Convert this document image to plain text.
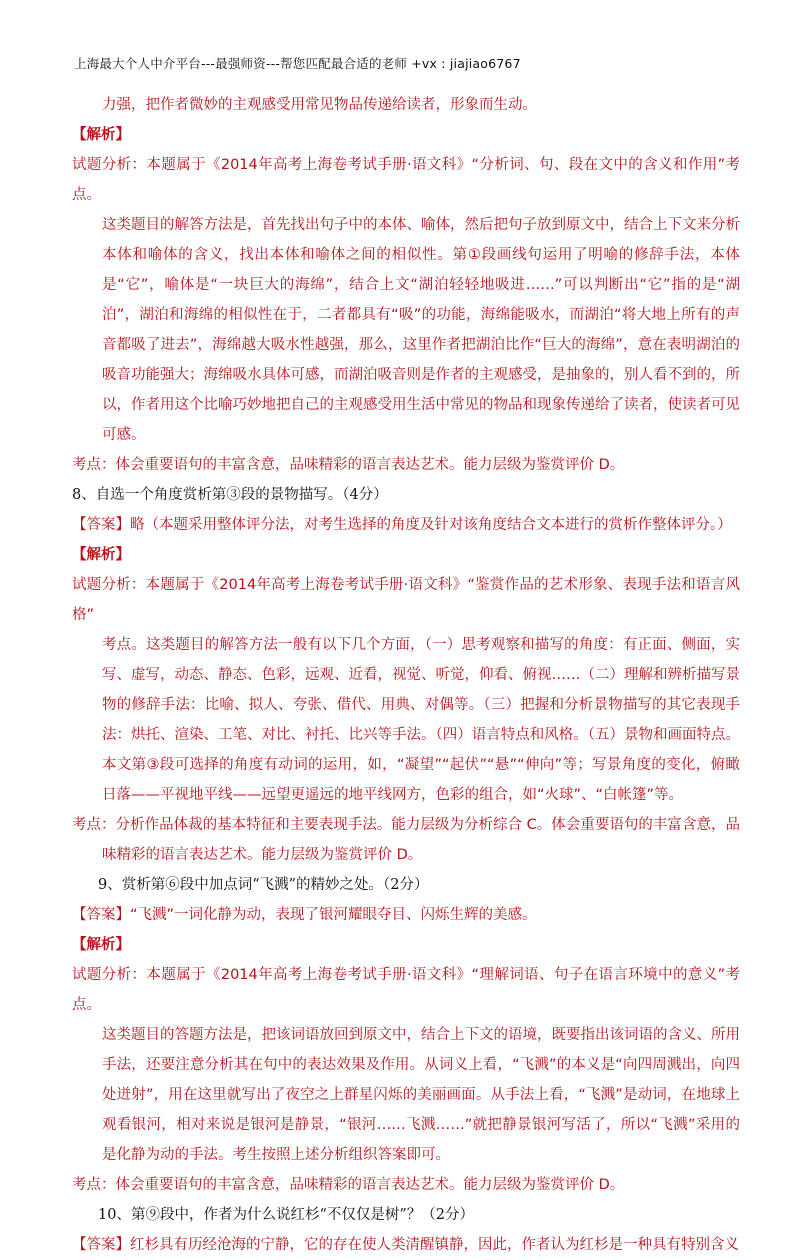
上海最大个人中介平台---最强师资---帮您匹配最合适的老师 +vx : jiajiao6767

力强，把作者微妙的主观感受用常见物品传递给读者，形象而生动。

【解析】

试题分析：本题属于《2014年高考上海卷考试手册·语文科》“分析词、句、段在文中的含义和作用”考点。

这类题目的解答方法是，首先找出句子中的本体、喻体，然后把句子放到原文中，结合上下文来分析本体和喻体的含义，找出本体和喻体之间的相似性。第①段画线句运用了明喻的修辞手法，本体是“它”，喻体是“一块巨大的海绵”，结合上文“湖泊轻轻地吸进……”可以判断出“它”指的是“湖泊”，湖泊和海绵的相似性在于，二者都具有“吸”的功能，海绵能吸水，而湖泊“将大地上所有的声音都吸了进去”，海绵越大吸水性越强，那么，这里作者把湖泊比作“巨大的海绵”，意在表明湖泊的吸音功能强大；海绵吸水具体可感，而湖泊吸音则是作者的主观感受，是抽象的，别人看不到的，所以，作者用这个比喻巧妙地把自己的主观感受用生活中常见的物品和现象传递给了读者，使读者可见可感。

考点：体会重要语句的丰富含意，品味精彩的语言表达艺术。能力层级为鉴赏评价 D。

8、自选一个角度赏析第③段的景物描写。（4分）

【答案】略（本题采用整体评分法，对考生选择的角度及针对该角度结合文本进行的赏析作整体评分。）

【解析】

试题分析：本题属于《2014年高考上海卷考试手册·语文科》“鉴赏作品的艺术形象、表现手法和语言风格”

考点。这类题目的解答方法一般有以下几个方面，（一）思考观察和描写的角度：有正面、侧面，实写、虚写，动态、静态、色彩，远观、近看，视觉、听觉，仰看、俯视……（二）理解和辨析描写景物的修辞手法：比喻、拟人、夸张、借代、用典、对偶等。（三）把握和分析景物描写的其它表现手法：烘托、渲染、工笔、对比、衬托、比兴等手法。（四）语言特点和风格。（五）景物和画面特点。本文第③段可选择的角度有动词的运用，如，“凝望”“起伏”“悬”“伸向”等；写景角度的变化，俯瞰日落——平视地平线——远望更遥远的地平线网方，色彩的组合，如“火球”、“白帐篷”等。

考点：分析作品体裁的基本特征和主要表现手法。能力层级为分析综合 C。体会重要语句的丰富含意，品味精彩的语言表达艺术。能力层级为鉴赏评价 D。

9、赏析第⑥段中加点词“飞溅”的精妙之处。（2分）

【答案】“飞溅”一词化静为动，表现了银河耀眼夺目、闪烁生辉的美感。

【解析】

试题分析：本题属于《2014年高考上海卷考试手册·语文科》“理解词语、句子在语言环境中的意义”考点。

这类题目的答题方法是，把该词语放回到原文中，结合上下文的语境，既要指出该词语的含义、所用手法，还要注意分析其在句中的表达效果及作用。从词义上看，“飞溅”的本义是“向四周溅出，向四处迸射”，用在这里就写出了夜空之上群星闪烁的美丽画面。从手法上看，“飞溅”是动词，在地球上观看银河，相对来说是银河是静景，“银河……飞溅……”就把静景银河写活了，所以“飞溅”采用的是化静为动的手法。考生按照上述分析组织答案即可。

考点：体会重要语句的丰富含意，品味精彩的语言表达艺术。能力层级为鉴赏评价 D。

10、第⑨段中，作者为什么说红杉“不仅仅是树”？（2分）

【答案】红杉具有历经沧海的宁静，它的存在使人类清醒镇静，因此，作者认为红杉是一种具有特别含义
